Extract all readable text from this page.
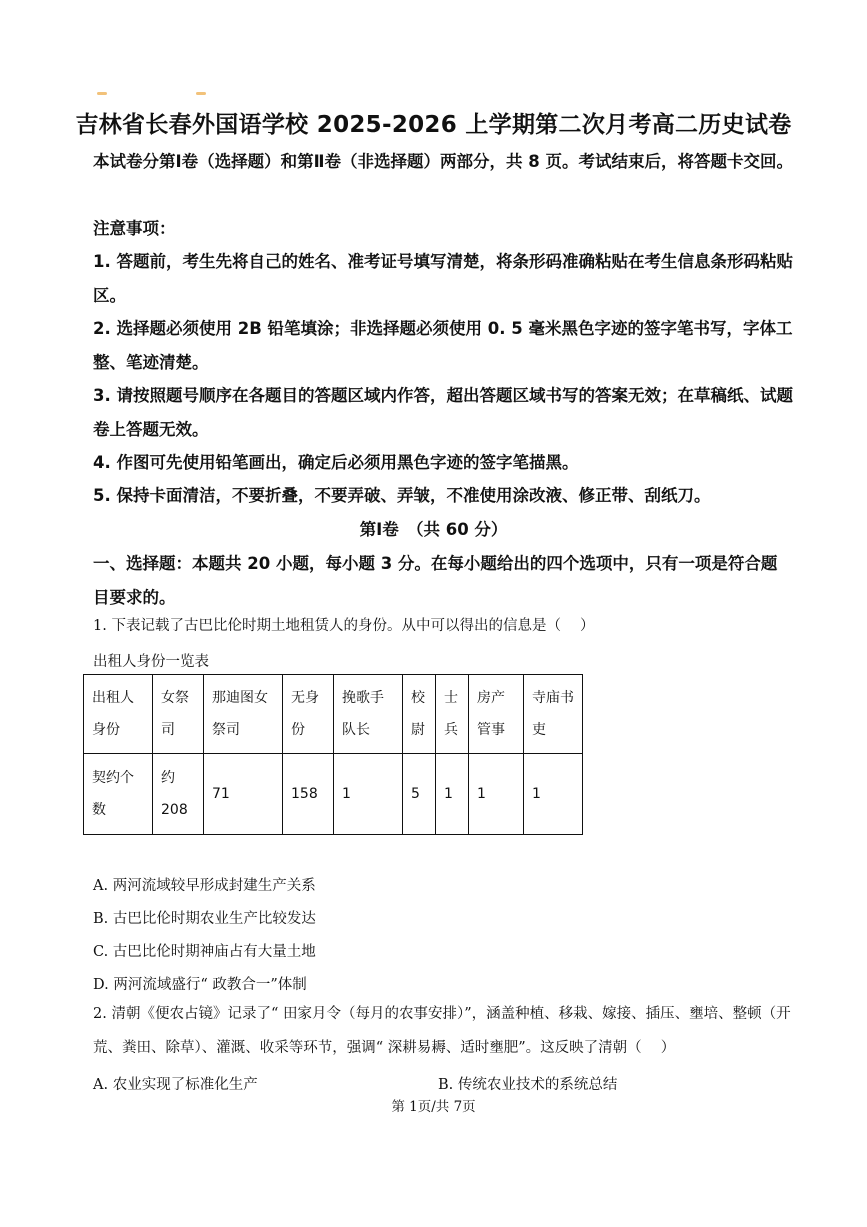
吉林省长春外国语学校 2025-2026 上学期第二次月考高二历史试卷
本试卷分第Ⅰ卷（选择题）和第Ⅱ卷（非选择题）两部分，共 8 页。考试结束后，将答题卡交回。
注意事项：
1. 答题前，考生先将自己的姓名、准考证号填写清楚，将条形码准确粘贴在考生信息条形码粘贴区。
2. 选择题必须使用 2B 铅笔填涂；非选择题必须使用 0. 5 毫米黑色字迹的签字笔书写，字体工整、笔迹清楚。
3. 请按照题号顺序在各题目的答题区域内作答，超出答题区域书写的答案无效；在草稿纸、试题卷上答题无效。
4. 作图可先使用铅笔画出，确定后必须用黑色字迹的签字笔描黑。
5. 保持卡面清洁，不要折叠，不要弄破、弄皱，不准使用涂改液、修正带、刮纸刀。
第Ⅰ卷　（共 60 分）
一、选择题：本题共 20 小题，每小题 3 分。在每小题给出的四个选项中，只有一项是符合题目要求的。
1. 下表记载了古巴比伦时期土地租赁人的身份。从中可以得出的信息是（　 ）
出租人身份一览表
出租人身份	女祭司	那迪图女祭司	无身份	挽歌手队长	校尉	士兵	房产管事	寺庙书吏
契约个数	约 208	71	158	1	5	1	1	1
A. 两河流域较早形成封建生产关系
B. 古巴比伦时期农业生产比较发达
C. 古巴比伦时期神庙占有大量土地
D. 两河流域盛行“ 政教合一”体制
2. 清朝《便农占镜》记录了“ 田家月令（每月的农事安排）”，涵盖种植、移栽、嫁接、插压、壅培、整顿（开荒、粪田、除草）、灌溉、收采等环节，强调“ 深耕易耨、适时壅肥”。这反映了清朝（　 ）
A. 农业实现了标准化生产	B. 传统农业技术的系统总结
第 1页/共 7页
